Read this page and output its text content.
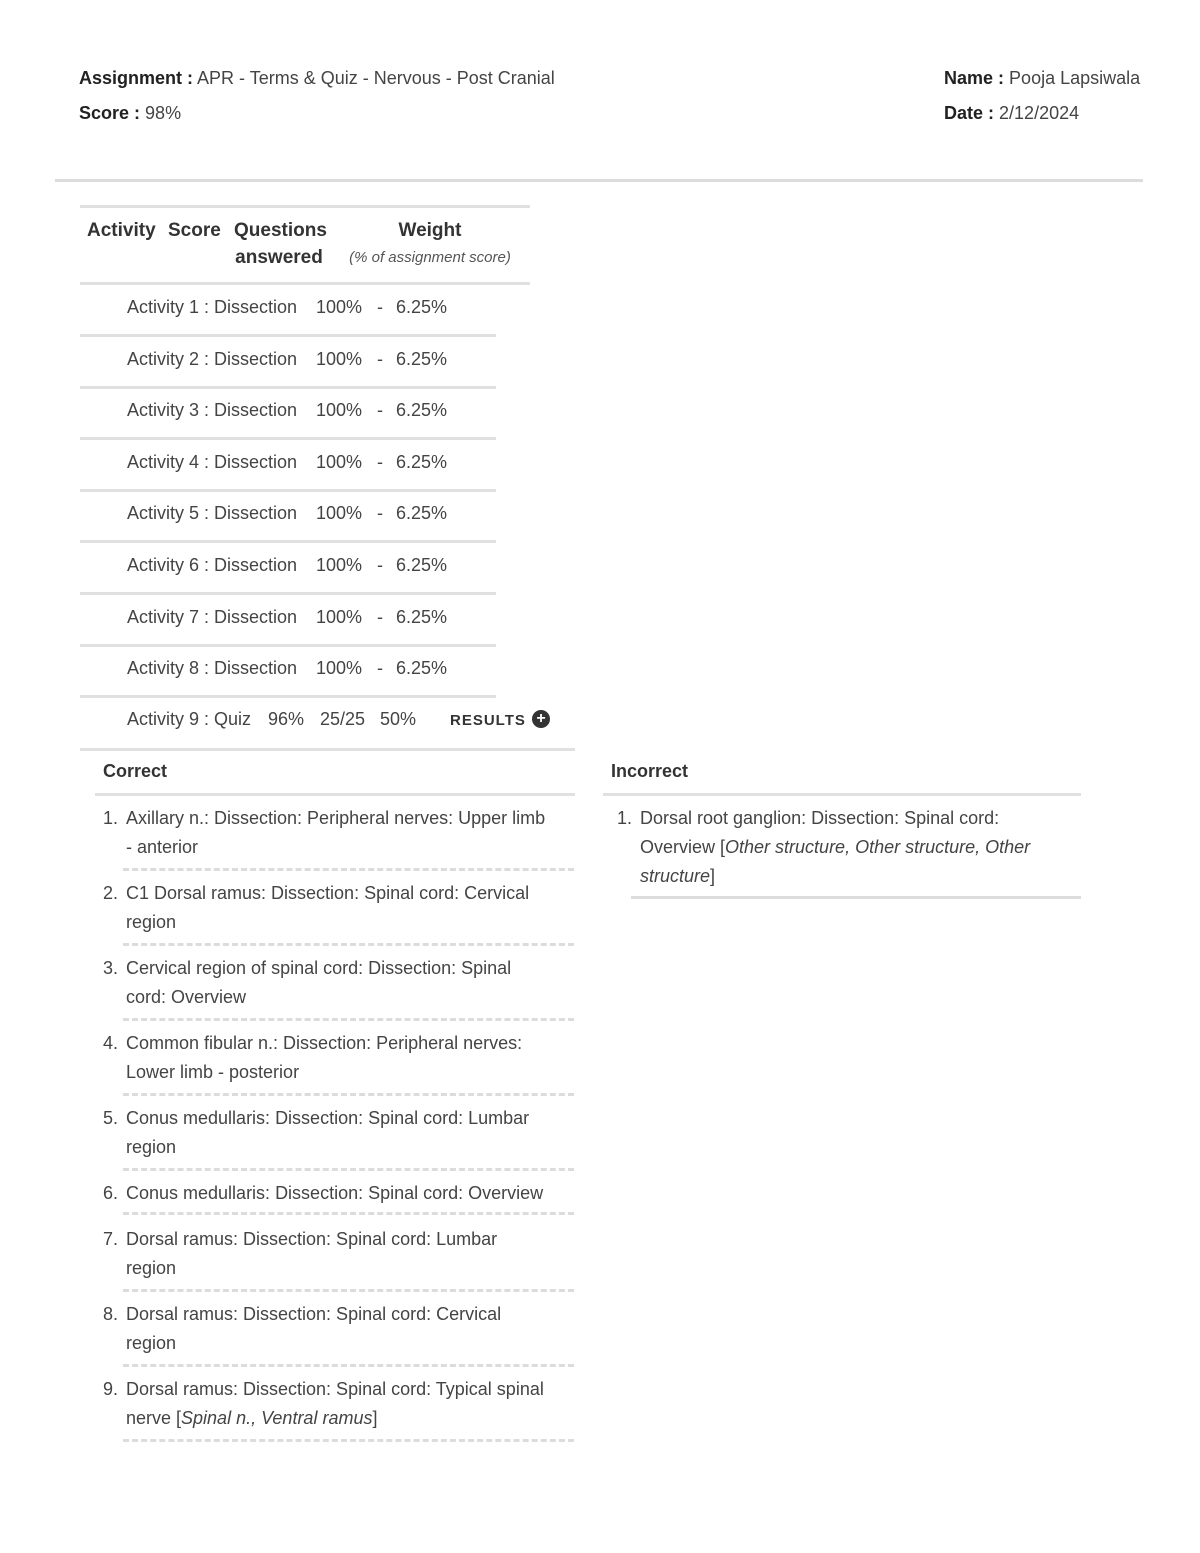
Assignment : APR - Terms & Quiz - Nervous - Post Cranial
Score : 98%
Name : Pooja Lapsiwala
Date : 2/12/2024
Activity Score Questions answered
Weight
(% of assignment score)
Activity 1 : Dissection 100% - 6.25%
Activity 2 : Dissection 100% - 6.25%
Activity 3 : Dissection 100% - 6.25%
Activity 4 : Dissection 100% - 6.25%
Activity 5 : Dissection 100% - 6.25%
Activity 6 : Dissection 100% - 6.25%
Activity 7 : Dissection 100% - 6.25%
Activity 8 : Dissection 100% - 6.25%
Activity 9 : Quiz 96% 25/25 50% RESULTS +
Correct
1. Axillary n.: Dissection: Peripheral nerves: Upper limb
- anterior
2. C1 Dorsal ramus: Dissection: Spinal cord: Cervical
region
3. Cervical region of spinal cord: Dissection: Spinal
cord: Overview
4. Common fibular n.: Dissection: Peripheral nerves:
Lower limb - posterior
5. Conus medullaris: Dissection: Spinal cord: Lumbar
region
6. Conus medullaris: Dissection: Spinal cord: Overview
7. Dorsal ramus: Dissection: Spinal cord: Lumbar
region
8. Dorsal ramus: Dissection: Spinal cord: Cervical
region
9. Dorsal ramus: Dissection: Spinal cord: Typical spinal
nerve [Spinal n., Ventral ramus]
Incorrect
1. Dorsal root ganglion: Dissection: Spinal cord:
Overview [Other structure, Other structure, Other
structure]
